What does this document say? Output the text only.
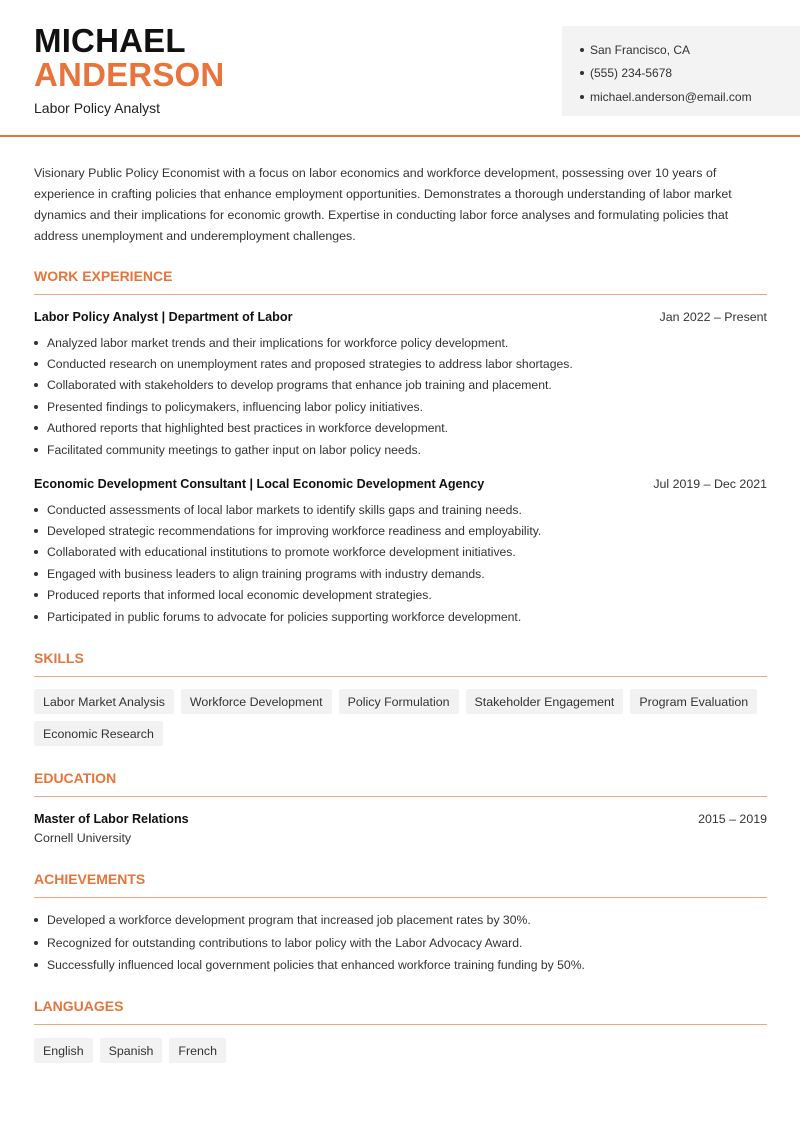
MICHAEL
ANDERSON
Labor Policy Analyst
San Francisco, CA
(555) 234-5678
michael.anderson@email.com

Visionary Public Policy Economist with a focus on labor economics and workforce development, possessing over 10 years of experience in crafting policies that enhance employment opportunities. Demonstrates a thorough understanding of labor market dynamics and their implications for economic growth. Expertise in conducting labor force analyses and formulating policies that address unemployment and underemployment challenges.

WORK EXPERIENCE
Labor Policy Analyst | Department of Labor	Jan 2022 – Present
Analyzed labor market trends and their implications for workforce policy development.
Conducted research on unemployment rates and proposed strategies to address labor shortages.
Collaborated with stakeholders to develop programs that enhance job training and placement.
Presented findings to policymakers, influencing labor policy initiatives.
Authored reports that highlighted best practices in workforce development.
Facilitated community meetings to gather input on labor policy needs.
Economic Development Consultant | Local Economic Development Agency	Jul 2019 – Dec 2021
Conducted assessments of local labor markets to identify skills gaps and training needs.
Developed strategic recommendations for improving workforce readiness and employability.
Collaborated with educational institutions to promote workforce development initiatives.
Engaged with business leaders to align training programs with industry demands.
Produced reports that informed local economic development strategies.
Participated in public forums to advocate for policies supporting workforce development.
SKILLS
Labor Market Analysis	Workforce Development	Policy Formulation	Stakeholder Engagement	Program Evaluation
Economic Research
EDUCATION
Master of Labor Relations	2015 – 2019
Cornell University
ACHIEVEMENTS
Developed a workforce development program that increased job placement rates by 30%.
Recognized for outstanding contributions to labor policy with the Labor Advocacy Award.
Successfully influenced local government policies that enhanced workforce training funding by 50%.
LANGUAGES
English	Spanish	French
